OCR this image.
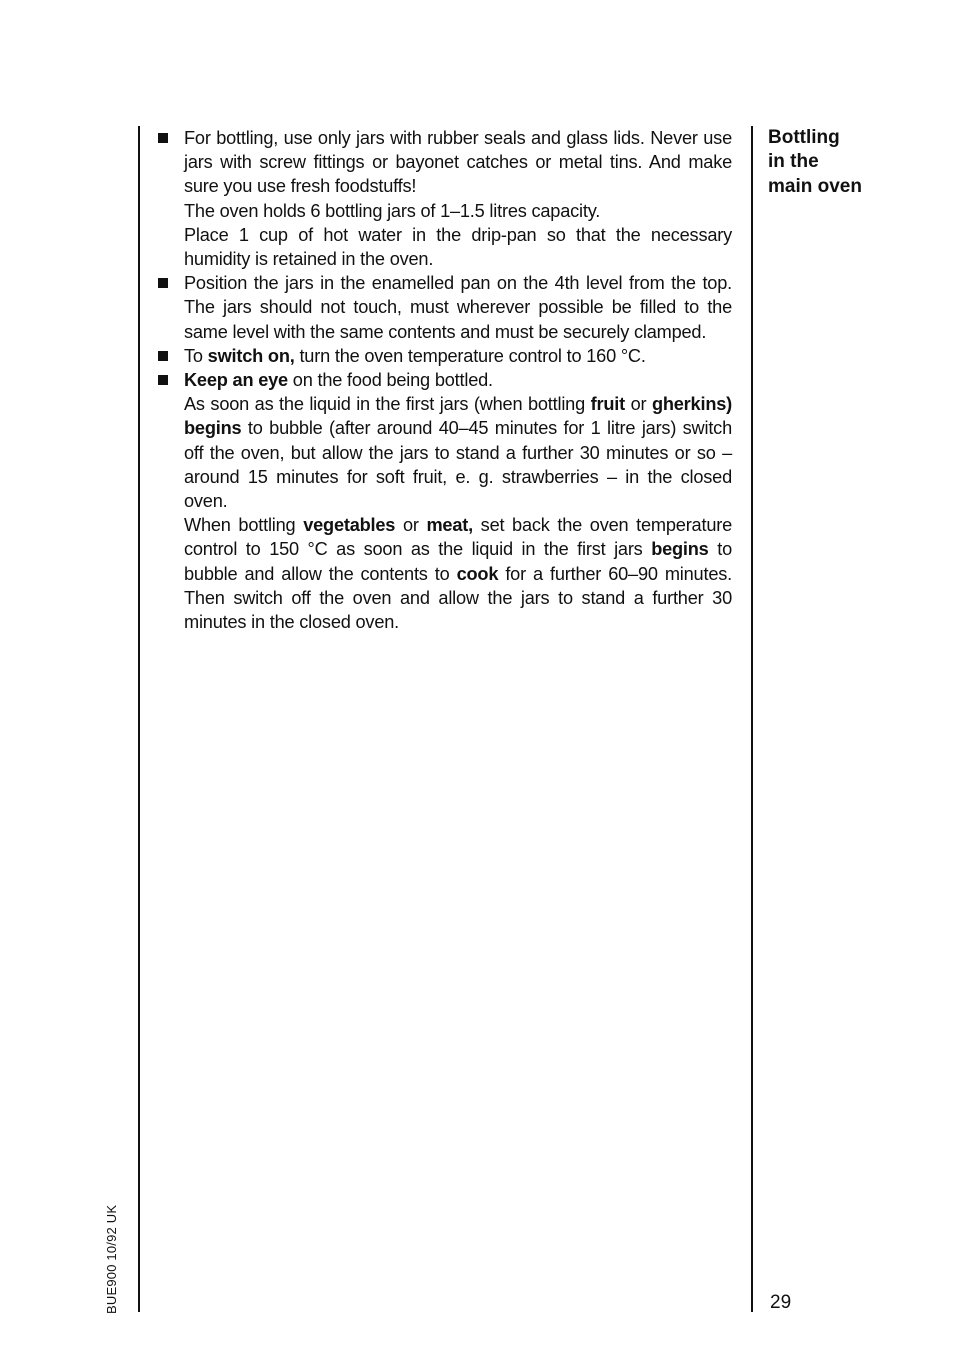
For bottling, use only jars with rubber seals and glass lids. Never use jars with screw fittings or bayonet catches or metal tins. And make sure you use fresh foodstuffs!
The oven holds 6 bottling jars of 1–1.5 litres capacity.
Place 1 cup of hot water in the drip-pan so that the necessary humidity is retained in the oven.
Position the jars in the enamelled pan on the 4th level from the top. The jars should not touch, must wherever possible be filled to the same level with the same contents and must be securely clamped.
To switch on, turn the oven temperature control to 160 °C.
Keep an eye on the food being bottled.
As soon as the liquid in the first jars (when bottling fruit or gherkins) begins to bubble (after around 40–45 minutes for 1 litre jars) switch off the oven, but allow the jars to stand a further 30 minutes or so – around 15 minutes for soft fruit, e. g. strawberries – in the closed oven.
When bottling vegetables or meat, set back the oven temperature control to 150 °C as soon as the liquid in the first jars begins to bubble and allow the contents to cook for a further 60–90 minutes. Then switch off the oven and allow the jars to stand a further 30 minutes in the closed oven.
Bottling
in the
main oven
29
BUE900 10/92 UK
